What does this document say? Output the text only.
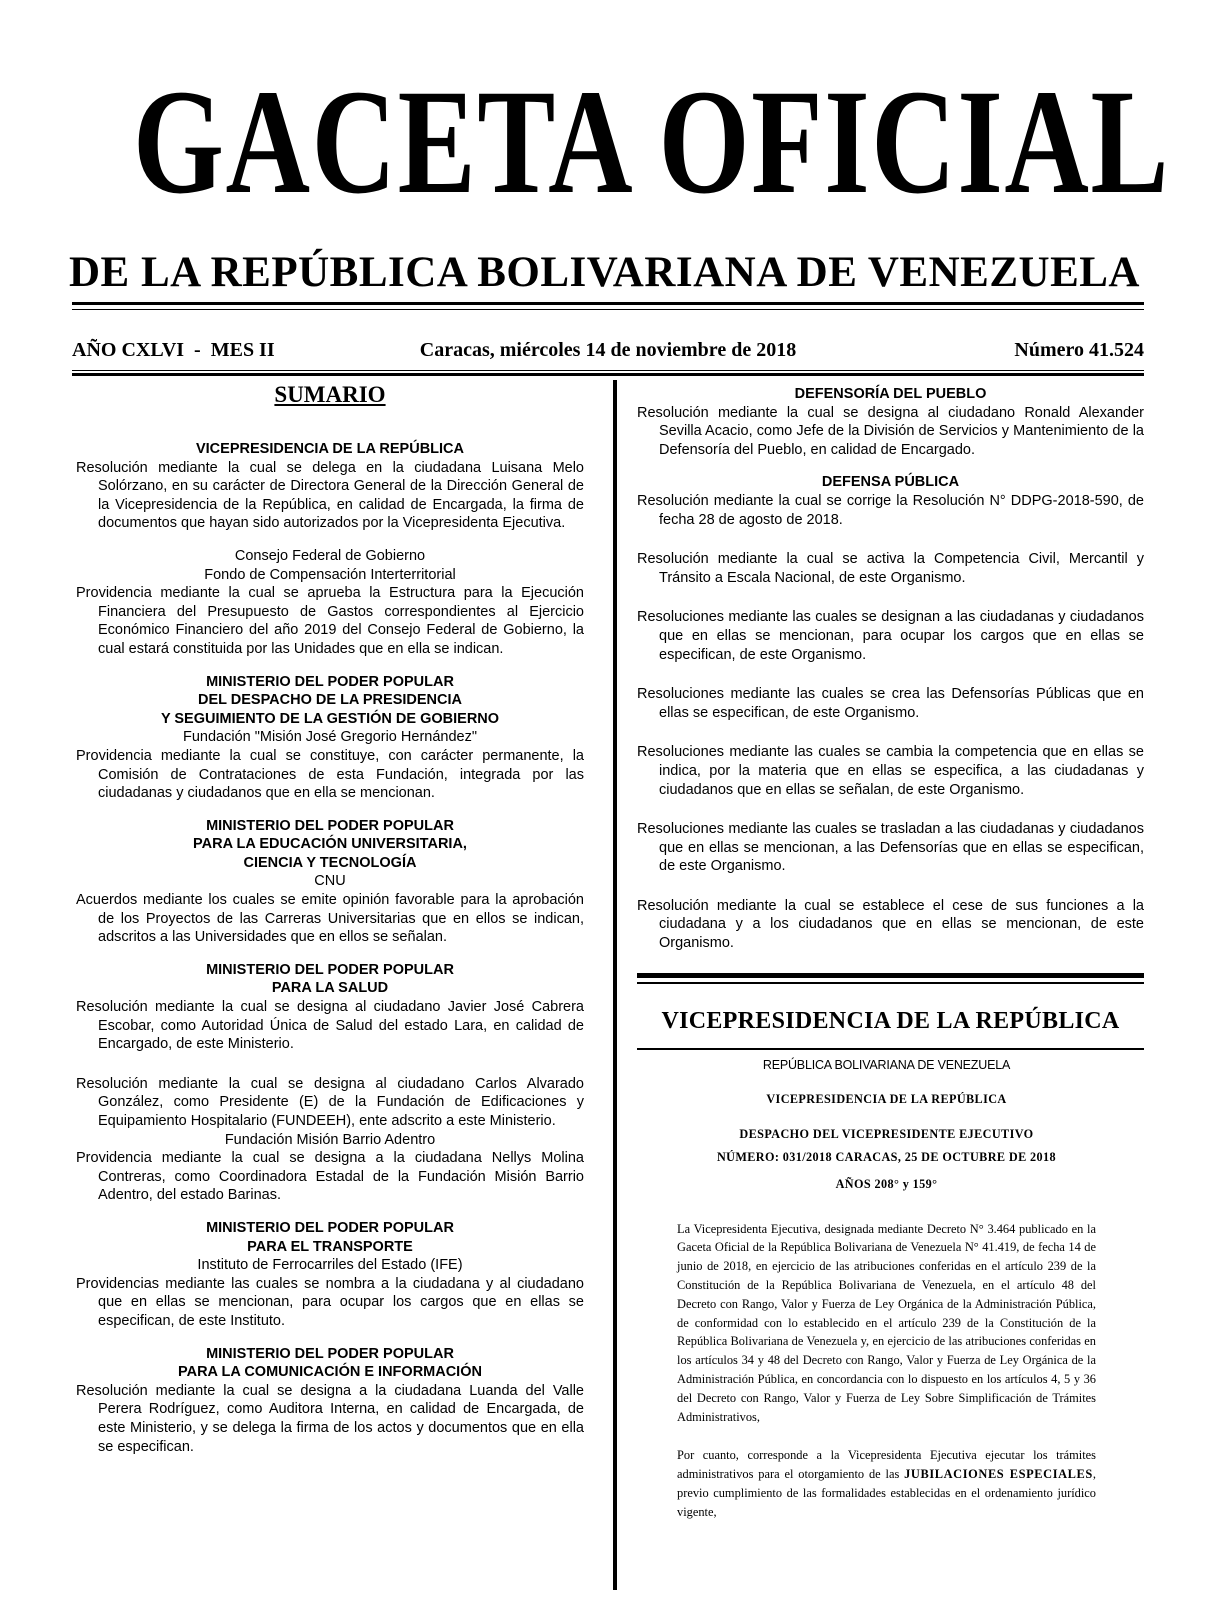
GACETA OFICIAL
DE LA REPÚBLICA BOLIVARIANA DE VENEZUELA
AÑO CXLVI  -  MES II	Caracas, miércoles 14 de noviembre de 2018	Número 41.524
SUMARIO
VICEPRESIDENCIA DE LA REPÚBLICA
Resolución mediante la cual se delega en la ciudadana Luisana Melo Solórzano, en su carácter de Directora General de la Dirección General de la Vicepresidencia de la República, en calidad de Encargada, la firma de documentos que hayan sido autorizados por la Vicepresidenta Ejecutiva.
Consejo Federal de Gobierno
Fondo de Compensación Interterritorial
Providencia mediante la cual se aprueba la Estructura para la Ejecución Financiera del Presupuesto de Gastos correspondientes al Ejercicio Económico Financiero del año 2019 del Consejo Federal de Gobierno, la cual estará constituida por las Unidades que en ella se indican.
MINISTERIO DEL PODER POPULAR
DEL DESPACHO DE LA PRESIDENCIA
Y SEGUIMIENTO DE LA GESTIÓN DE GOBIERNO
Fundación "Misión José Gregorio Hernández"
Providencia mediante la cual se constituye, con carácter permanente, la Comisión de Contrataciones de esta Fundación, integrada por las ciudadanas y ciudadanos que en ella se mencionan.
MINISTERIO DEL PODER POPULAR
PARA LA EDUCACIÓN UNIVERSITARIA,
CIENCIA Y TECNOLOGÍA
CNU
Acuerdos mediante los cuales se emite opinión favorable para la aprobación de los Proyectos de las Carreras Universitarias que en ellos se indican, adscritos a las Universidades que en ellos se señalan.
MINISTERIO DEL PODER POPULAR
PARA LA SALUD
Resolución mediante la cual se designa al ciudadano Javier José Cabrera Escobar, como Autoridad Única de Salud del estado Lara, en calidad de Encargado, de este Ministerio.
Resolución mediante la cual se designa al ciudadano Carlos Alvarado González, como Presidente (E) de la Fundación de Edificaciones y Equipamiento Hospitalario (FUNDEEH), ente adscrito a este Ministerio.
Fundación Misión Barrio Adentro
Providencia mediante la cual se designa a la ciudadana Nellys Molina Contreras, como Coordinadora Estadal de la Fundación Misión Barrio Adentro, del estado Barinas.
MINISTERIO DEL PODER POPULAR
PARA EL TRANSPORTE
Instituto de Ferrocarriles del Estado (IFE)
Providencias mediante las cuales se nombra a la ciudadana y al ciudadano que en ellas se mencionan, para ocupar los cargos que en ellas se especifican, de este Instituto.
MINISTERIO DEL PODER POPULAR
PARA LA COMUNICACIÓN E INFORMACIÓN
Resolución mediante la cual se designa a la ciudadana Luanda del Valle Perera Rodríguez, como Auditora Interna, en calidad de Encargada, de este Ministerio, y se delega la firma de los actos y documentos que en ella se especifican.
DEFENSORÍA DEL PUEBLO
Resolución mediante la cual se designa al ciudadano Ronald Alexander Sevilla Acacio, como Jefe de la División de Servicios y Mantenimiento de la Defensoría del Pueblo, en calidad de Encargado.
DEFENSA PÚBLICA
Resolución mediante la cual se corrige la Resolución N° DDPG-2018-590, de fecha 28 de agosto de 2018.
Resolución mediante la cual se activa la Competencia Civil, Mercantil y Tránsito a Escala Nacional, de este Organismo.
Resoluciones mediante las cuales se designan a las ciudadanas y ciudadanos que en ellas se mencionan, para ocupar los cargos que en ellas se especifican, de este Organismo.
Resoluciones mediante las cuales se crea las Defensorías Públicas que en ellas se especifican, de este Organismo.
Resoluciones mediante las cuales se cambia la competencia que en ellas se indica, por la materia que en ellas se especifica, a las ciudadanas y ciudadanos que en ellas se señalan, de este Organismo.
Resoluciones mediante las cuales se trasladan a las ciudadanas y ciudadanos que en ellas se mencionan, a las Defensorías que en ellas se especifican, de este Organismo.
Resolución mediante la cual se establece el cese de sus funciones a la ciudadana y a los ciudadanos que en ellas se mencionan, de este Organismo.
VICEPRESIDENCIA DE LA REPÚBLICA
REPÚBLICA BOLIVARIANA DE VENEZUELA
VICEPRESIDENCIA DE LA REPÚBLICA
DESPACHO DEL VICEPRESIDENTE EJECUTIVO
NÚMERO: 031/2018 CARACAS, 25 DE OCTUBRE DE 2018
AÑOS 208° y 159°
La Vicepresidenta Ejecutiva, designada mediante Decreto N° 3.464 publicado en la Gaceta Oficial de la República Bolivariana de Venezuela N° 41.419, de fecha 14 de junio de 2018, en ejercicio de las atribuciones conferidas en el artículo 239 de la Constitución de la República Bolivariana de Venezuela, en el artículo 48 del Decreto con Rango, Valor y Fuerza de Ley Orgánica de la Administración Pública, de conformidad con lo establecido en el artículo 239 de la Constitución de la República Bolivariana de Venezuela y, en ejercicio de las atribuciones conferidas en los artículos 34 y 48 del Decreto con Rango, Valor y Fuerza de Ley Orgánica de la Administración Pública, en concordancia con lo dispuesto en los artículos 4, 5 y 36 del Decreto con Rango, Valor y Fuerza de Ley Sobre Simplificación de Trámites Administrativos,
Por cuanto, corresponde a la Vicepresidenta Ejecutiva ejecutar los trámites administrativos para el otorgamiento de las JUBILACIONES ESPECIALES, previo cumplimiento de las formalidades establecidas en el ordenamiento jurídico vigente,
